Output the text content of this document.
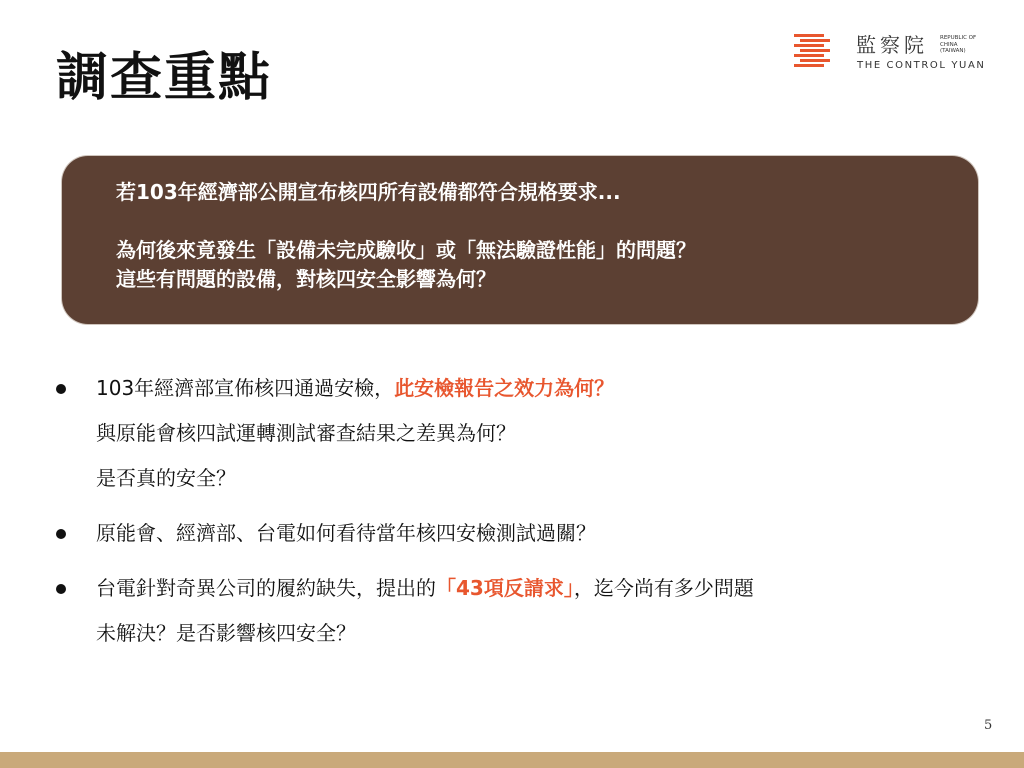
調查重點
監察院 REPUBLIC OF
CHINA
(TAIWAN)
THE CONTROL YUAN

若103年經濟部公開宣布核四所有設備都符合規格要求...

為何後來竟發生「設備未完成驗收」或「無法驗證性能」的問題？

這些有問題的設備，對核四安全影響為何？

103年經濟部宣佈核四通過安檢，此安檢報告之效力為何？
與原能會核四試運轉測試審查結果之差異為何？
是否真的安全？
原能會、經濟部、台電如何看待當年核四安檢測試過關？
台電針對奇異公司的履約缺失，提出的「43項反請求」，迄今尚有多少問題
未解決？是否影響核四安全？
5
